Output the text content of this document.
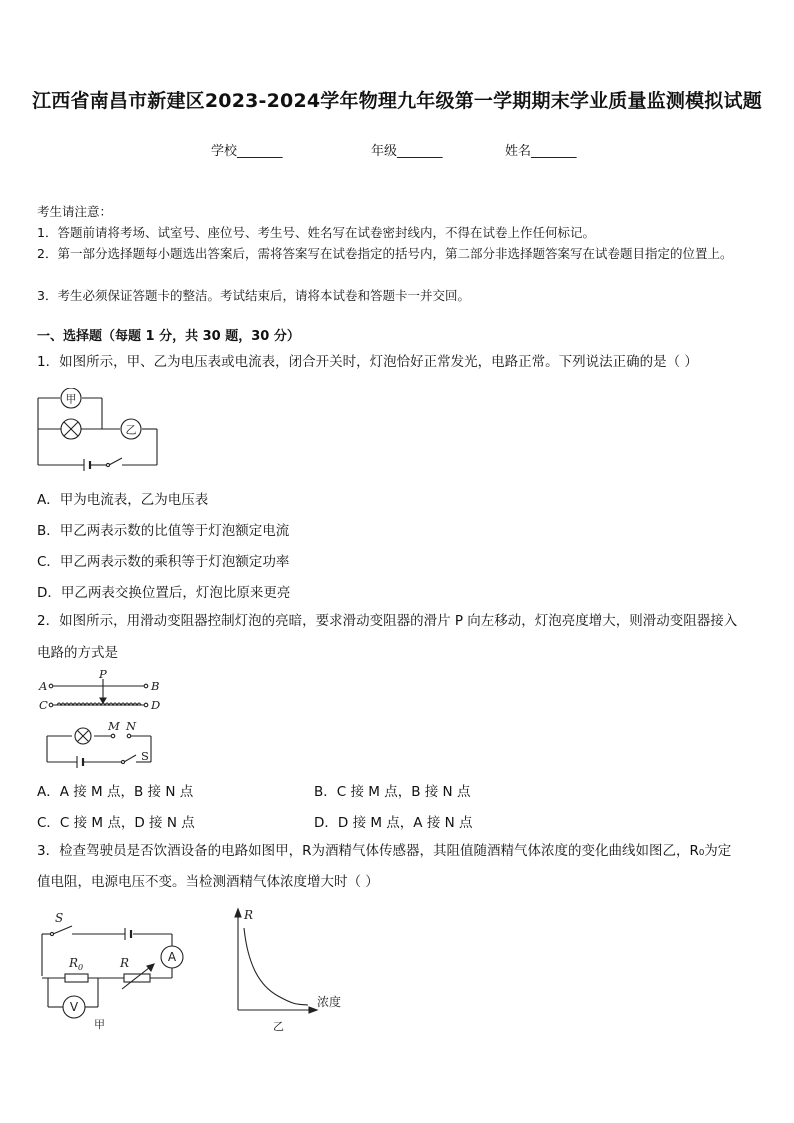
江西省南昌市新建区2023-2024学年物理九年级第一学期期末学业质量监测模拟试题
学校_______	年级_______	姓名_______
考生请注意：
1．答题前请将考场、试室号、座位号、考生号、姓名写在试卷密封线内，不得在试卷上作任何标记。
2．第一部分选择题每小题选出答案后，需将答案写在试卷指定的括号内，第二部分非选择题答案写在试卷题目指定的位置上。
3．考生必须保证答题卡的整洁。考试结束后，请将本试卷和答题卡一并交回。
一、选择题（每题 1 分，共 30 题，30 分）
1．如图所示，甲、乙为电压表或电流表，闭合开关时，灯泡恰好正常发光，电路正常。下列说法正确的是（ ）
甲
乙
A．甲为电流表，乙为电压表
B．甲乙两表示数的比值等于灯泡额定电流
C．甲乙两表示数的乘积等于灯泡额定功率
D．甲乙两表交换位置后，灯泡比原来更亮
2．如图所示，用滑动变阻器控制灯泡的亮暗，要求滑动变阻器的滑片 P 向左移动，灯泡亮度增大，则滑动变阻器接入
电路的方式是
A	B
C	D
P
M N
S
A．A 接 M 点，B 接 N 点	B．C 接 M 点，B 接 N 点
C．C 接 M 点，D 接 N 点	D．D 接 M 点，A 接 N 点
3．检查驾驶员是否饮酒设备的电路如图甲，R为酒精气体传感器，其阻值随酒精气体浓度的变化曲线如图乙，R₀为定
值电阻，电源电压不变。当检测酒精气体浓度增大时（ ）
S
$R_0$	R	A
V
甲
R
浓度
乙
